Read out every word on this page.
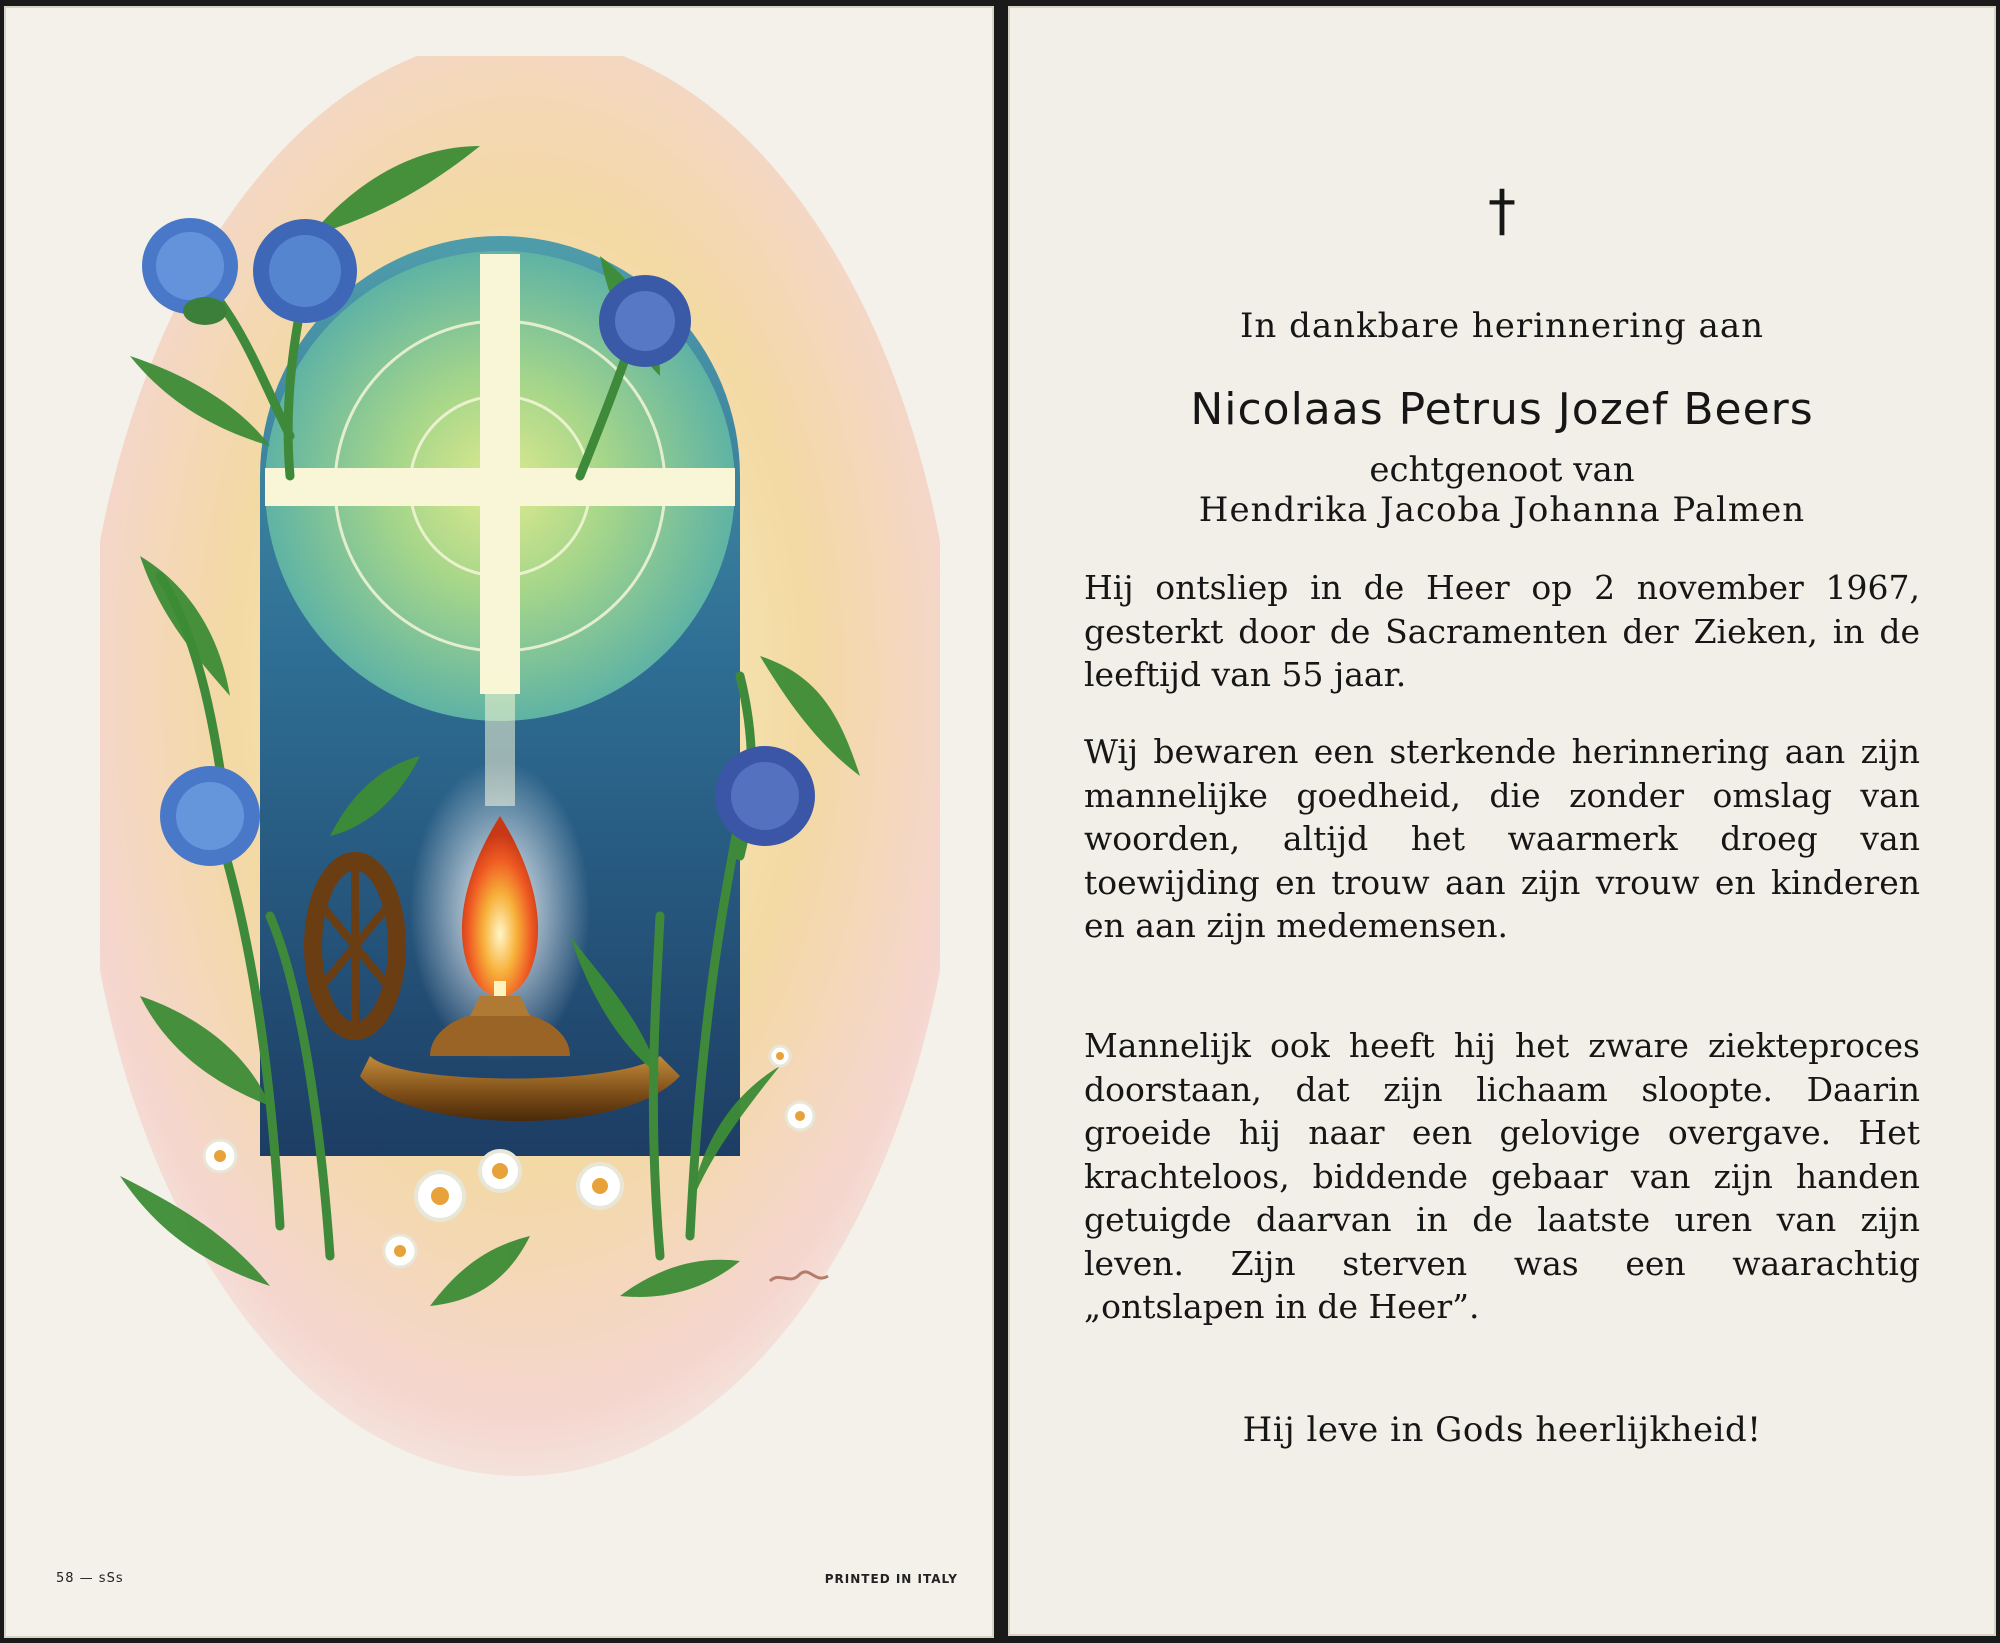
58 — sSs	PRINTED IN ITALY
†
In dankbare herinnering aan
Nicolaas Petrus Jozef Beers
echtgenoot van
Hendrika Jacoba Johanna Palmen

Hij ontsliep in de Heer op 2 november 1967, gesterkt door de Sacramenten der Zieken, in de leeftijd van 55 jaar.

Wij bewaren een sterkende herinnering aan zijn mannelijke goedheid, die zonder omslag van woorden, altijd het waarmerk droeg van toewijding en trouw aan zijn vrouw en kinderen en aan zijn medemensen.

Mannelijk ook heeft hij het zware ziekteproces doorstaan, dat zijn lichaam sloopte. Daarin groeide hij naar een gelovige overgave. Het krachteloos, biddende gebaar van zijn handen getuigde daarvan in de laatste uren van zijn leven. Zijn sterven was een waarachtig „ontslapen in de Heer”.

Hij leve in Gods heerlijkheid!
